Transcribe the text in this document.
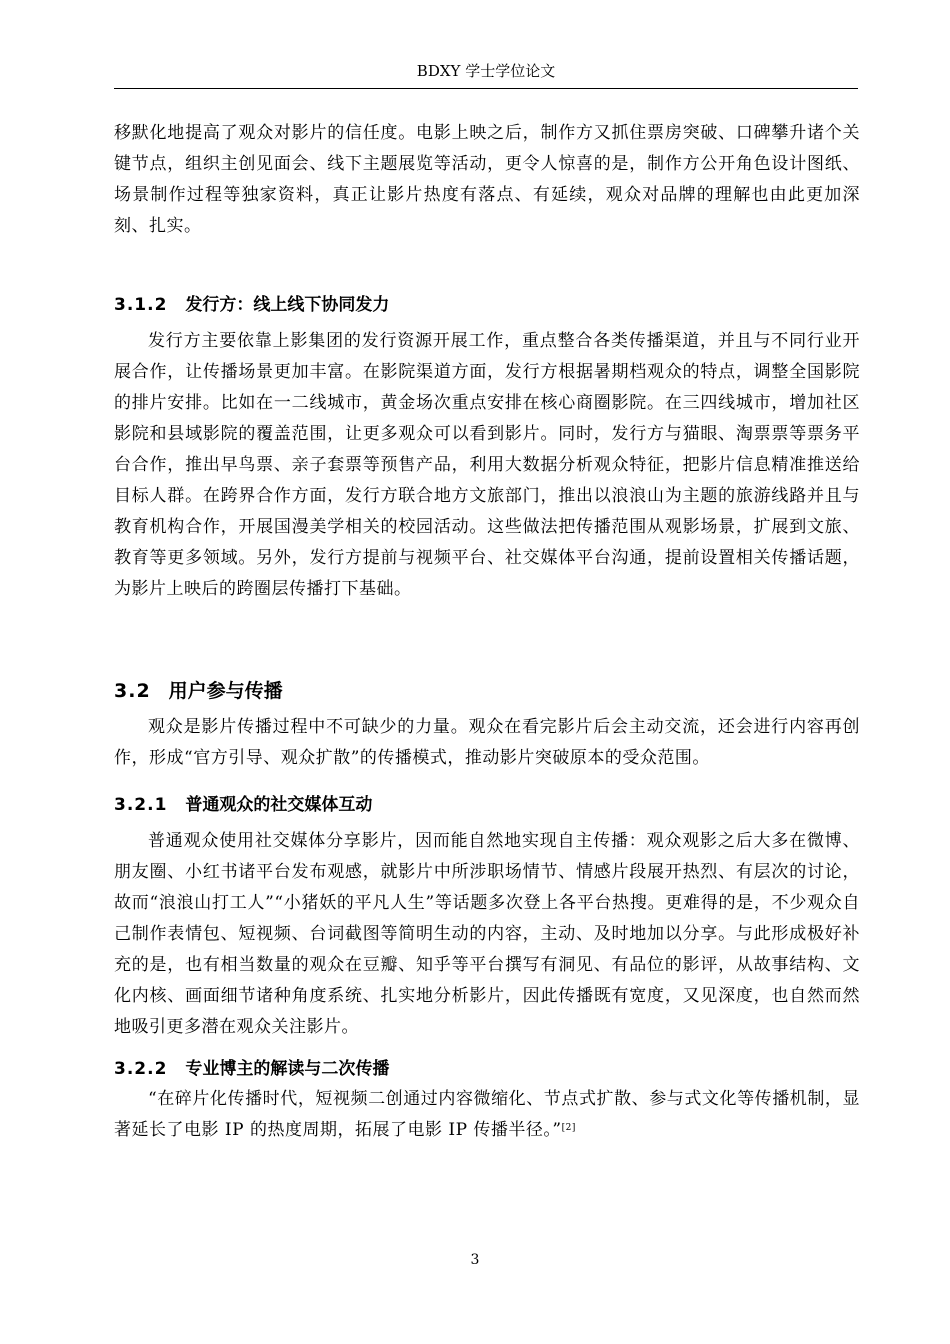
BDXY 学士学位论文

移默化地提高了观众对影片的信任度。电影上映之后，制作方又抓住票房突破、口碑攀升诸个关键节点，组织主创见面会、线下主题展览等活动，更令人惊喜的是，制作方公开角色设计图纸、场景制作过程等独家资料，真正让影片热度有落点、有延续，观众对品牌的理解也由此更加深刻、扎实。

3.1.2 发行方：线上线下协同发力

发行方主要依靠上影集团的发行资源开展工作，重点整合各类传播渠道，并且与不同行业开展合作，让传播场景更加丰富。在影院渠道方面，发行方根据暑期档观众的特点，调整全国影院的排片安排。比如在一二线城市，黄金场次重点安排在核心商圈影院。在三四线城市，增加社区影院和县域影院的覆盖范围，让更多观众可以看到影片。同时，发行方与猫眼、淘票票等票务平台合作，推出早鸟票、亲子套票等预售产品，利用大数据分析观众特征，把影片信息精准推送给目标人群。在跨界合作方面，发行方联合地方文旅部门，推出以浪浪山为主题的旅游线路并且与教育机构合作，开展国漫美学相关的校园活动。这些做法把传播范围从观影场景，扩展到文旅、教育等更多领域。另外，发行方提前与视频平台、社交媒体平台沟通，提前设置相关传播话题，为影片上映后的跨圈层传播打下基础。

3.2 用户参与传播

观众是影片传播过程中不可缺少的力量。观众在看完影片后会主动交流，还会进行内容再创作，形成“官方引导、观众扩散”的传播模式，推动影片突破原本的受众范围。

3.2.1 普通观众的社交媒体互动

普通观众使用社交媒体分享影片，因而能自然地实现自主传播：观众观影之后大多在微博、朋友圈、小红书诸平台发布观感，就影片中所涉职场情节、情感片段展开热烈、有层次的讨论，故而“浪浪山打工人”“小猪妖的平凡人生”等话题多次登上各平台热搜。更难得的是，不少观众自己制作表情包、短视频、台词截图等简明生动的内容，主动、及时地加以分享。与此形成极好补充的是，也有相当数量的观众在豆瓣、知乎等平台撰写有洞见、有品位的影评，从故事结构、文化内核、画面细节诸种角度系统、扎实地分析影片，因此传播既有宽度，又见深度，也自然而然地吸引更多潜在观众关注影片。

3.2.2 专业博主的解读与二次传播

“在碎片化传播时代，短视频二创通过内容微缩化、节点式扩散、参与式文化等传播机制，显著延长了电影 IP 的热度周期，拓展了电影 IP 传播半径。”[2]

3
